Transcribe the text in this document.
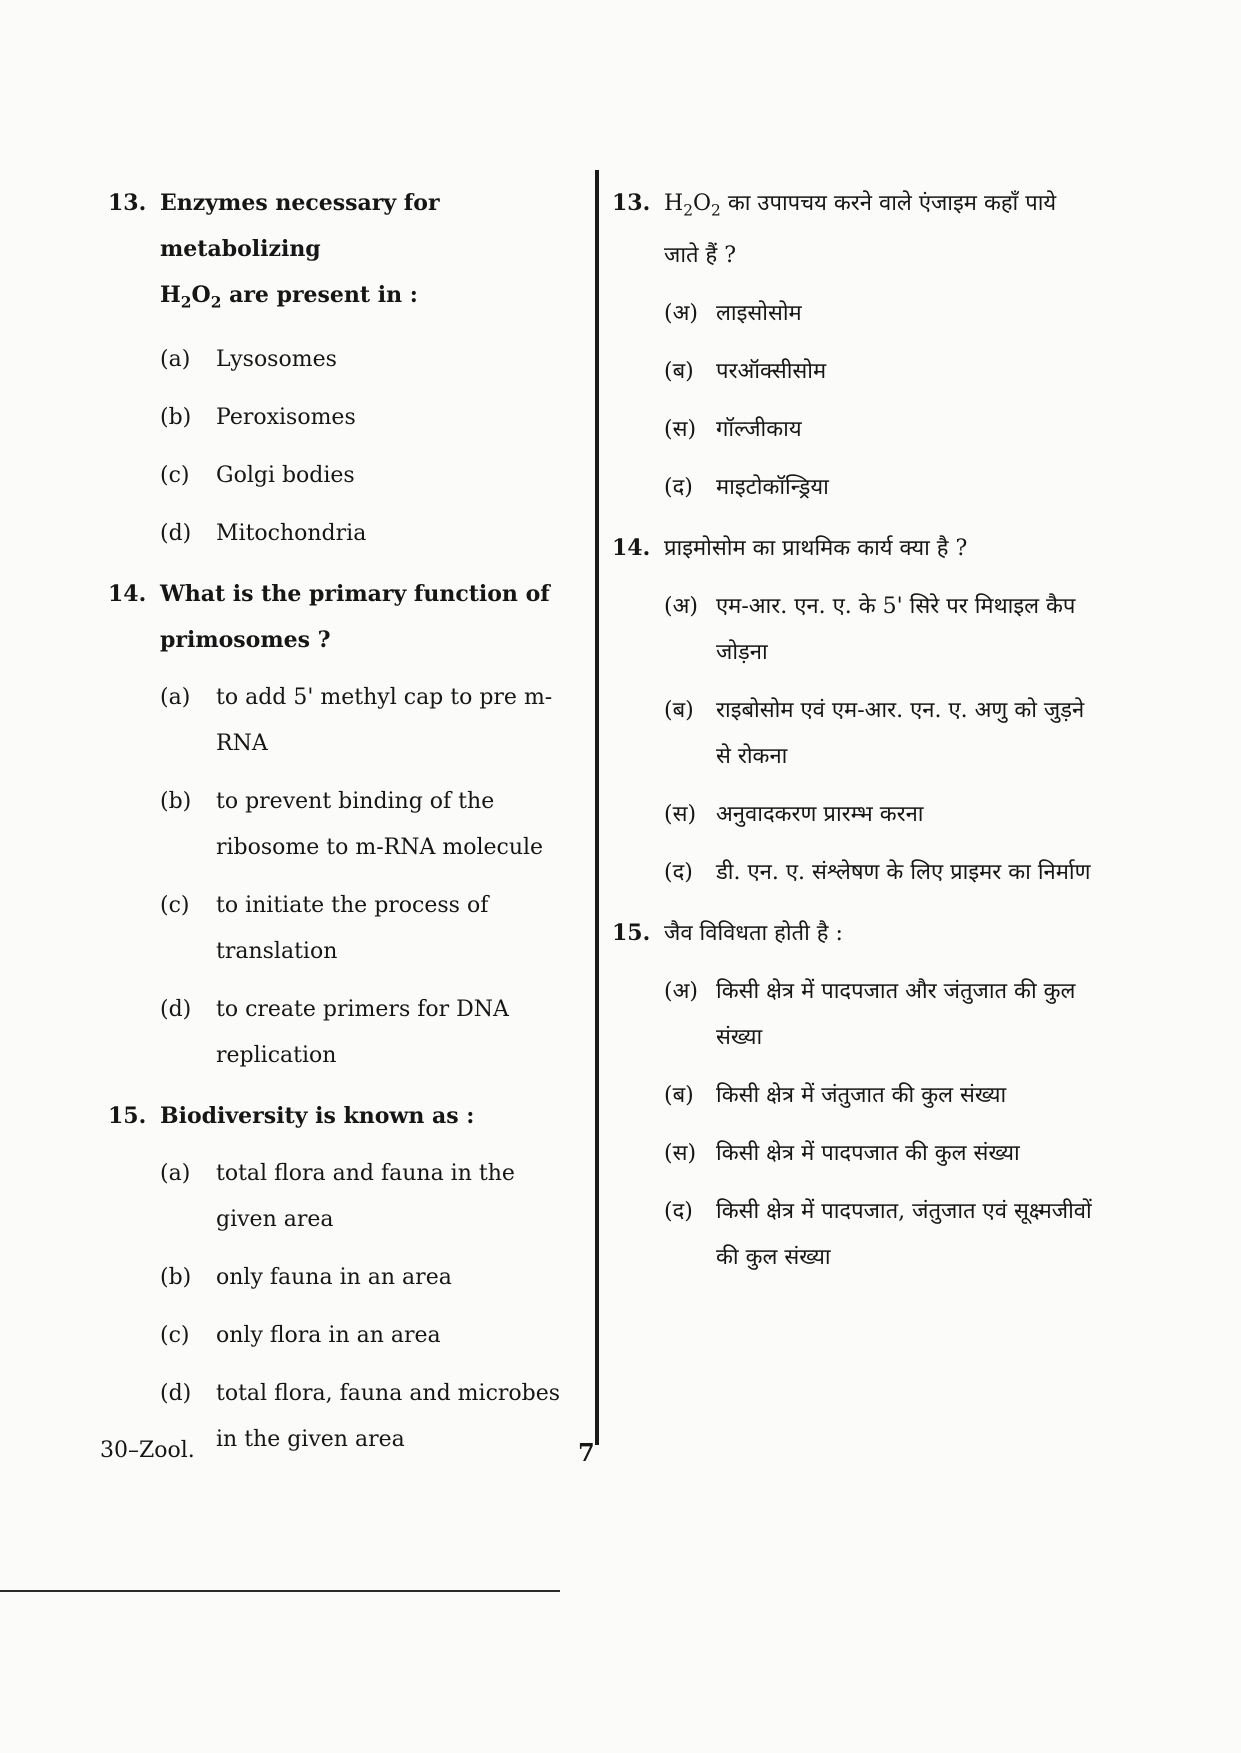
13. Enzymes necessary for metabolizing
$H_2O_2$ are present in :
(a)	Lysosomes
(b)	Peroxisomes
(c)	Golgi bodies
(d)	Mitochondria
14. What is the primary function of primosomes ?
(a)	to add 5' methyl cap to pre m-RNA
(b)	to prevent binding of the ribosome to m-RNA molecule
(c)	to initiate the process of translation
(d)	to create primers for DNA replication
15. Biodiversity is known as :
(a)	total flora and fauna in the given area
(b)	only fauna in an area
(c)	only flora in an area
(d)	total flora, fauna and microbes in the given area
13. $H_2O_2$ का उपापचय करने वाले एंजाइम कहाँ पाये जाते हैं ?
(अ) लाइसोसोम
(ब)	परऑक्सीसोम
(स) गॉल्जीकाय
(द)	माइटोकॉन्ड्रिया
14. प्राइमोसोम का प्राथमिक कार्य क्या है ?
(अ) एम-आर. एन. ए. के 5' सिरे पर मिथाइल कैप जोड़ना
(ब)	राइबोसोम एवं एम-आर. एन. ए. अणु को जुड़ने से रोकना
(स) अनुवादकरण प्रारम्भ करना
(द)	डी. एन. ए. संश्लेषण के लिए प्राइमर का निर्माण
15. जैव विविधता होती है :
(अ) किसी क्षेत्र में पादपजात और जंतुजात की कुल संख्या
(ब)	किसी क्षेत्र में जंतुजात की कुल संख्या
(स) किसी क्षेत्र में पादपजात की कुल संख्या
(द)	किसी क्षेत्र में पादपजात, जंतुजात एवं सूक्ष्मजीवों की कुल संख्या
30–Zool.	7
